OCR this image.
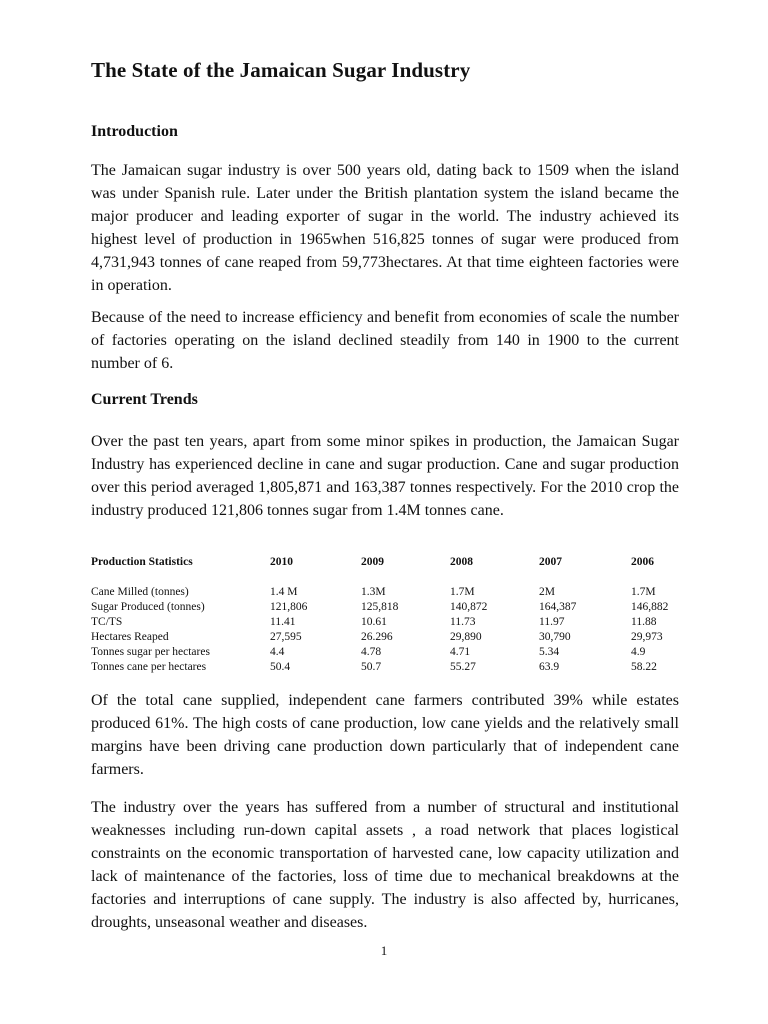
The State of the Jamaican Sugar Industry
Introduction

The Jamaican sugar industry is over 500 years old, dating back to 1509 when the island was under Spanish rule. Later under the British plantation system the island became the major producer and leading exporter of sugar in the world. The industry achieved its highest level of production in 1965when 516,825 tonnes of sugar were produced from 4,731,943 tonnes of cane reaped from 59,773hectares. At that time eighteen factories were in operation.

Because of the need to increase efficiency and benefit from economies of scale the number of factories operating on the island declined steadily from 140 in 1900 to the current number of 6.

Current Trends

Over the past ten years, apart from some minor spikes in production, the Jamaican Sugar Industry has experienced decline in cane and sugar production. Cane and sugar production over this period averaged 1,805,871 and 163,387 tonnes respectively. For the 2010 crop the industry produced 121,806 tonnes sugar from 1.4M tonnes cane.

Production Statistics	2010	2009	2008	2007	2006

Cane Milled (tonnes)	1.4 M	1.3M	1.7M	2M	1.7M
Sugar Produced (tonnes)	121,806	125,818	140,872	164,387	146,882
TC/TS	11.41	10.61	11.73	11.97	11.88
Hectares Reaped	27,595	26.296	29,890	30,790	29,973
Tonnes sugar per hectares	4.4	4.78	4.71	5.34	4.9
Tonnes cane per hectares	50.4	50.7	55.27	63.9	58.22

Of the total cane supplied, independent cane farmers contributed 39% while estates produced 61%. The high costs of cane production, low cane yields and the relatively small margins have been driving cane production down particularly that of independent cane farmers.

The industry over the years has suffered from a number of structural and institutional weaknesses including run-down capital assets , a road network that places logistical constraints on the economic transportation of harvested cane, low capacity utilization and lack of maintenance of the factories, loss of time due to mechanical breakdowns at the factories and interruptions of cane supply. The industry is also affected by, hurricanes, droughts, unseasonal weather and diseases.

1
